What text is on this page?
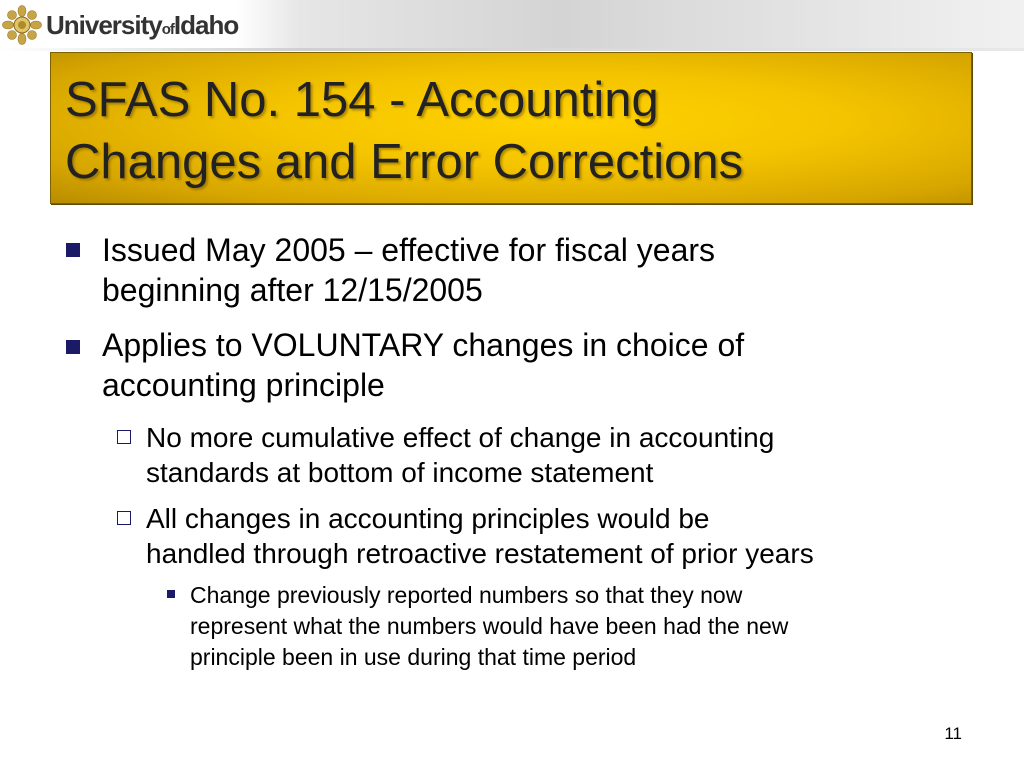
UniversityofIdaho
SFAS No. 154 - Accounting
Changes and Error Corrections
Issued May 2005 – effective for fiscal years
beginning after 12/15/2005
Applies to VOLUNTARY changes in choice of
accounting principle
No more cumulative effect of change in accounting
standards at bottom of income statement
All changes in accounting principles would be
handled through retroactive restatement of prior years
Change previously reported numbers so that they now
represent what the numbers would have been had the new
principle been in use during that time period
11
